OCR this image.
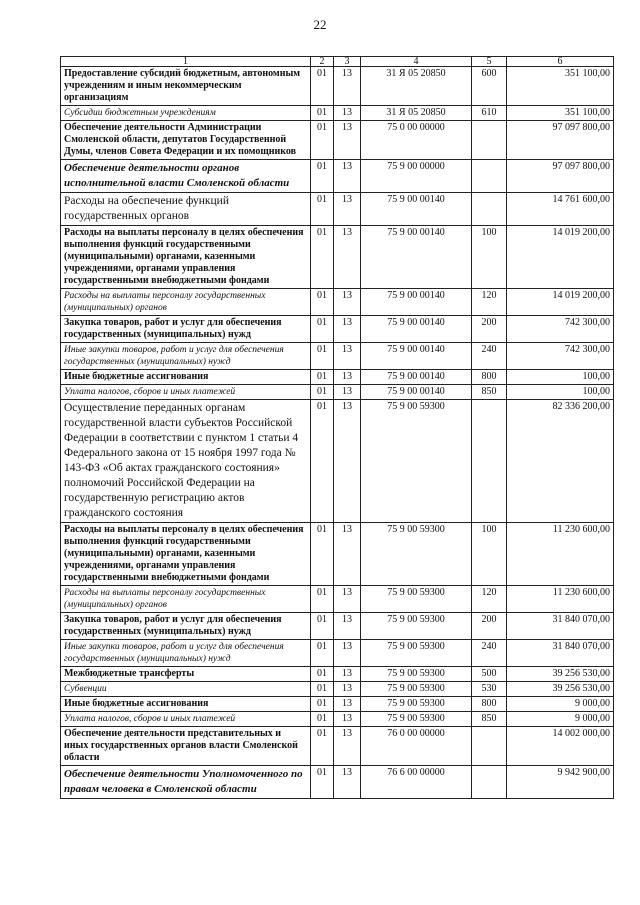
22
1	2	3	4	5	6
Предоставление субсидий бюджетным, автономным учреждениям и иным некоммерческим организациям	01	13	31 Я 05 20850	600	351 100,00
Субсидии бюджетным учреждениям	01	13	31 Я 05 20850	610	351 100,00
Обеспечение деятельности Администрации Смоленской области, депутатов Государственной Думы, членов Совета Федерации и их помощников	01	13	75 0 00 00000		97 097 800,00
Обеспечение деятельности органов исполнительной власти Смоленской области	01	13	75 9 00 00000		97 097 800,00
Расходы на обеспечение функций государственных органов	01	13	75 9 00 00140		14 761 600,00
Расходы на выплаты персоналу в целях обеспечения выполнения функций государственными (муниципальными) органами, казенными учреждениями, органами управления государственными внебюджетными фондами	01	13	75 9 00 00140	100	14 019 200,00
Расходы на выплаты персоналу государственных (муниципальных) органов	01	13	75 9 00 00140	120	14 019 200,00
Закупка товаров, работ и услуг для обеспечения государственных (муниципальных) нужд	01	13	75 9 00 00140	200	742 300,00
Иные закупки товаров, работ и услуг для обеспечения государственных (муниципальных) нужд	01	13	75 9 00 00140	240	742 300,00
Иные бюджетные ассигнования	01	13	75 9 00 00140	800	100,00
Уплата налогов, сборов и иных платежей	01	13	75 9 00 00140	850	100,00
Осуществление переданных органам государственной власти субъектов Российской Федерации в соответствии с пунктом 1 статьи 4 Федерального закона от 15 ноября 1997 года № 143-ФЗ «Об актах гражданского состояния» полномочий Российской Федерации на государственную регистрацию актов гражданского состояния	01	13	75 9 00 59300		82 336 200,00
Расходы на выплаты персоналу в целях обеспечения выполнения функций государственными (муниципальными) органами, казенными учреждениями, органами управления государственными внебюджетными фондами	01	13	75 9 00 59300	100	11 230 600,00
Расходы на выплаты персоналу государственных (муниципальных) органов	01	13	75 9 00 59300	120	11 230 600,00
Закупка товаров, работ и услуг для обеспечения государственных (муниципальных) нужд	01	13	75 9 00 59300	200	31 840 070,00
Иные закупки товаров, работ и услуг для обеспечения государственных (муниципальных) нужд	01	13	75 9 00 59300	240	31 840 070,00
Межбюджетные трансферты	01	13	75 9 00 59300	500	39 256 530,00
Субвенции	01	13	75 9 00 59300	530	39 256 530,00
Иные бюджетные ассигнования	01	13	75 9 00 59300	800	9 000,00
Уплата налогов, сборов и иных платежей	01	13	75 9 00 59300	850	9 000,00
Обеспечение деятельности представительных и иных государственных органов власти Смоленской области	01	13	76 0 00 00000		14 002 000,00
Обеспечение деятельности Уполномоченного по правам человека в Смоленской области	01	13	76 6 00 00000		9 942 900,00
